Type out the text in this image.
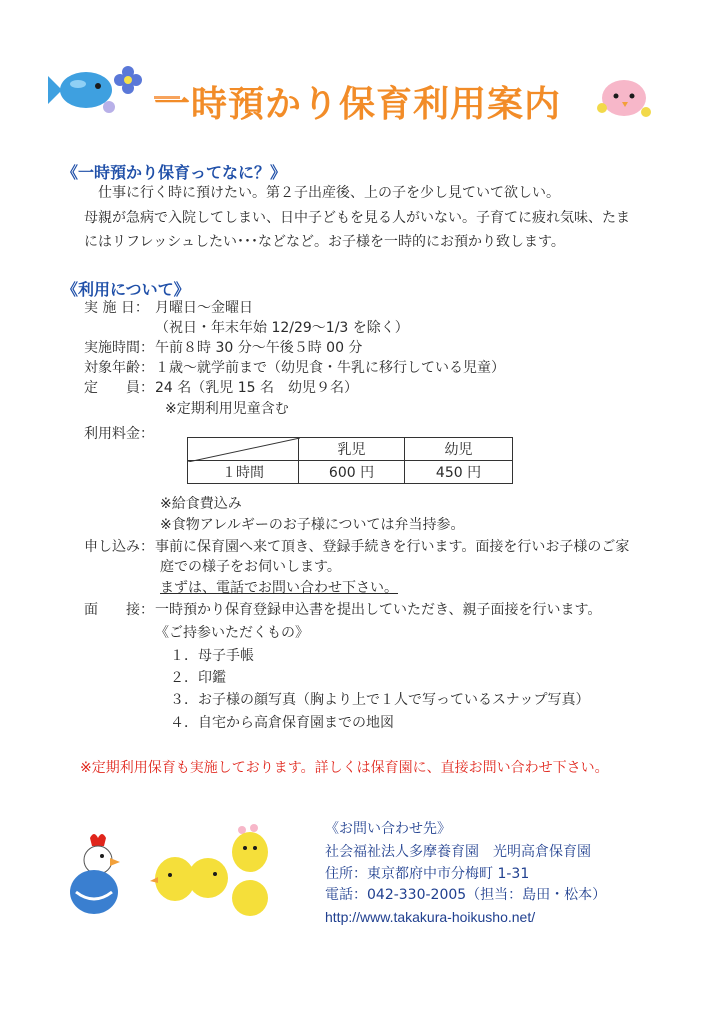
一時預かり保育利用案内
《一時預かり保育ってなに？》
仕事に行く時に預けたい。第２子出産後、上の子を少し見ていて欲しい。
母親が急病で入院してしまい、日中子どもを見る人がいない。子育てに疲れ気味、たま
にはリフレッシュしたい･･･などなど。お子様を一時的にお預かり致します。
《利用について》
実 施 日： 月曜日～金曜日
（祝日・年末年始 12/29～1/3 を除く）
実施時間： 午前８時 30 分～午後５時 00 分
対象年齢： １歳～就学前まで（幼児食・牛乳に移行している児童）
定　　員： 24 名（乳児 15 名　幼児９名）
※定期利用児童含む
利用料金：
	乳児	幼児
１時間	600 円	450 円
※給食費込み
※食物アレルギーのお子様については弁当持参。
申し込み： 事前に保育園へ来て頂き、登録手続きを行います。面接を行いお子様のご家
庭での様子をお伺いします。
まずは、電話でお問い合わせ下さい。
面　　接： 一時預かり保育登録申込書を提出していただき、親子面接を行います。
《ご持参いただくもの》
１．母子手帳
２．印鑑
３．お子様の顔写真（胸より上で１人で写っているスナップ写真）
４．自宅から高倉保育園までの地図
※定期利用保育も実施しております。詳しくは保育園に、直接お問い合わせ下さい。
《お問い合わせ先》
社会福祉法人多摩養育園　光明高倉保育園
住所：東京都府中市分梅町 1-31
電話：042-330-2005（担当：島田・松本）
http://www.takakura-hoikusho.net/
